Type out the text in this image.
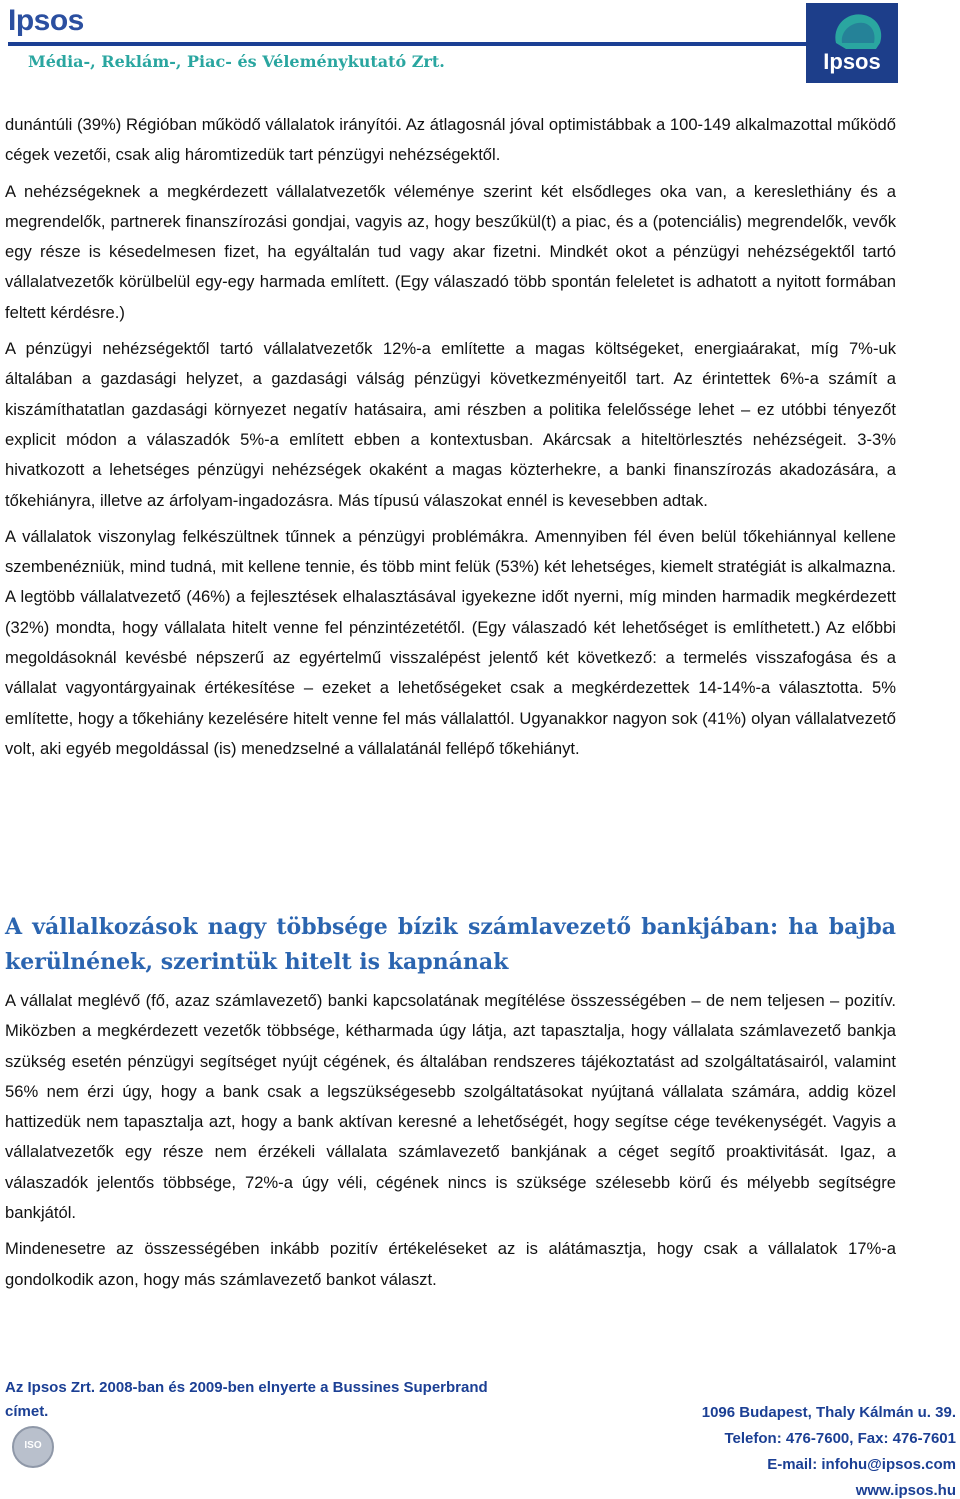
Ipsos
Média-, Reklám-, Piac- és Véleménykutató Zrt.	Ipsos

dunántúli (39%) Régióban működő vállalatok irányítói. Az átlagosnál jóval optimistábbak a 100-149 alkalmazottal működő cégek vezetői, csak alig háromtizedük tart pénzügyi nehézségektől.

A nehézségeknek a megkérdezett vállalatvezetők véleménye szerint két elsődleges oka van, a kereslethiány és a megrendelők, partnerek finanszírozási gondjai, vagyis az, hogy beszűkül(t) a piac, és a (potenciális) megrendelők, vevők egy része is késedelmesen fizet, ha egyáltalán tud vagy akar fizetni. Mindkét okot a pénzügyi nehézségektől tartó vállalatvezetők körülbelül egy-egy harmada említett. (Egy válaszadó több spontán feleletet is adhatott a nyitott formában feltett kérdésre.)

A pénzügyi nehézségektől tartó vállalatvezetők 12%-a említette a magas költségeket, energiaárakat, míg 7%-uk általában a gazdasági helyzet, a gazdasági válság pénzügyi következményeitől tart. Az érintettek 6%-a számít a kiszámíthatatlan gazdasági környezet negatív hatásaira, ami részben a politika felelőssége lehet – ez utóbbi tényezőt explicit módon a válaszadók 5%-a említett ebben a kontextusban. Akárcsak a hiteltörlesztés nehézségeit. 3-3% hivatkozott a lehetséges pénzügyi nehézségek okaként a magas közterhekre, a banki finanszírozás akadozására, a tőkehiányra, illetve az árfolyam-ingadozásra. Más típusú válaszokat ennél is kevesebben adtak.

A vállalatok viszonylag felkészültnek tűnnek a pénzügyi problémákra. Amennyiben fél éven belül tőkehiánnyal kellene szembenézniük, mind tudná, mit kellene tennie, és több mint felük (53%) két lehetséges, kiemelt stratégiát is alkalmazna. A legtöbb vállalatvezető (46%) a fejlesztések elhalasztásával igyekezne időt nyerni, míg minden harmadik megkérdezett (32%) mondta, hogy vállalata hitelt venne fel pénzintézetétől. (Egy válaszadó két lehetőséget is említhetett.) Az előbbi megoldásoknál kevésbé népszerű az egyértelmű visszalépést jelentő két következő: a termelés visszafogása és a vállalat vagyontárgyainak értékesítése – ezeket a lehetőségeket csak a megkérdezettek 14-14%-a választotta. 5% említette, hogy a tőkehiány kezelésére hitelt venne fel más vállalattól. Ugyanakkor nagyon sok (41%) olyan vállalatvezető volt, aki egyéb megoldással (is) menedzselné a vállalatánál fellépő tőkehiányt.

A vállalkozások nagy többsége bízik számlavezető bankjában: ha bajba kerülnének, szerintük hitelt is kapnának

A vállalat meglévő (fő, azaz számlavezető) banki kapcsolatának megítélése összességében – de nem teljesen – pozitív. Miközben a megkérdezett vezetők többsége, kétharmada úgy látja, azt tapasztalja, hogy vállalata számlavezető bankja szükség esetén pénzügyi segítséget nyújt cégének, és általában rendszeres tájékoztatást ad szolgáltatásairól, valamint 56% nem érzi úgy, hogy a bank csak a legszükségesebb szolgáltatásokat nyújtaná vállalata számára, addig közel hattizedük nem tapasztalja azt, hogy a bank aktívan keresné a lehetőségét, hogy segítse cége tevékenységét. Vagyis a vállalatvezetők egy része nem érzékeli vállalata számlavezető bankjának a céget segítő proaktivitását. Igaz, a válaszadók jelentős többsége, 72%-a úgy véli, cégének nincs is szüksége szélesebb körű és mélyebb segítségre bankjától.

Mindenesetre az összességében inkább pozitív értékeléseket az is alátámasztja, hogy csak a vállalatok 17%-a gondolkodik azon, hogy más számlavezető bankot választ.

Az Ipsos Zrt. 2008-ban és 2009-ben elnyerte a Bussines Superbrand
címet.
ISO
1096 Budapest, Thaly Kálmán u. 39.
Telefon: 476-7600, Fax: 476-7601
E-mail: infohu@ipsos.com
www.ipsos.hu
